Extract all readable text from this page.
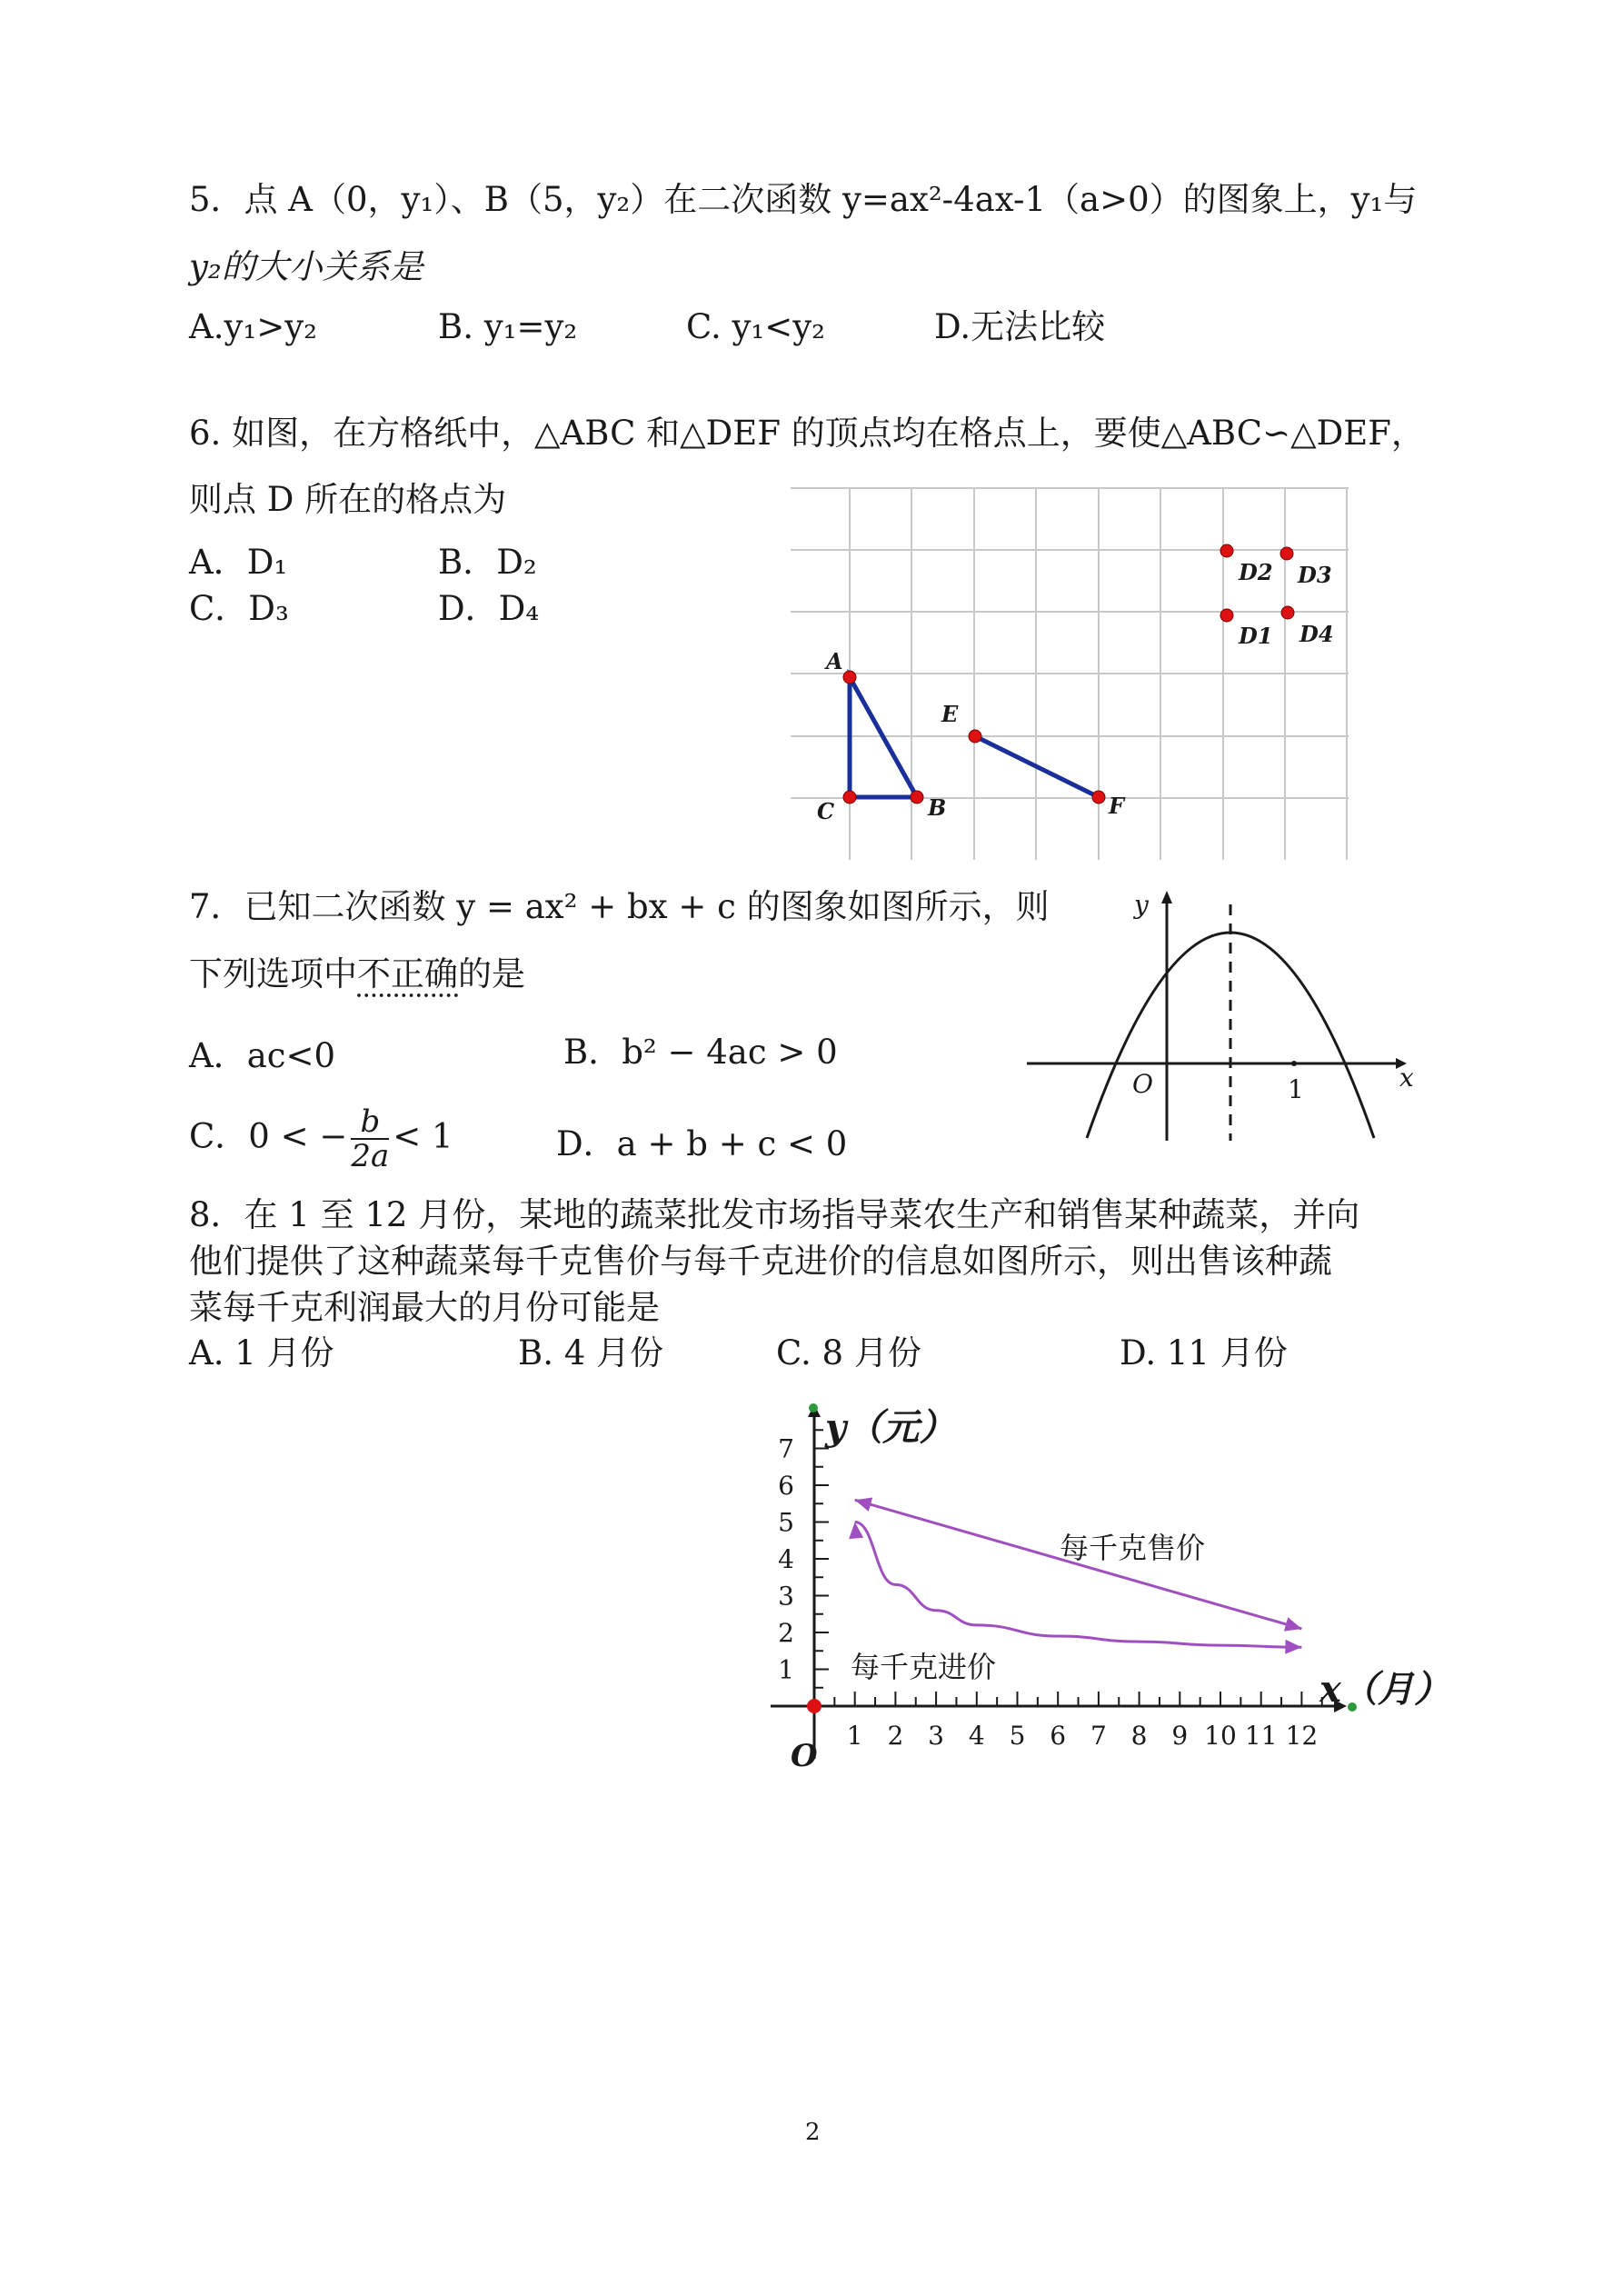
5．点 A（0，y₁）、B（5，y₂）在二次函数 y=ax²-4ax-1（a>0）的图象上，y₁与
y₂的大小关系是
A.y₁>y₂	B. y₁=y₂	C. y₁<y₂	D.无法比较
6. 如图，在方格纸中，△ABC 和△DEF 的顶点均在格点上，要使△ABC∽△DEF，
则点 D 所在的格点为
A．D₁	B．D₂
C．D₃	D．D₄
A
B
C
E
F
D2 D3
D1 D4
7．已知二次函数 y = ax² + bx + c 的图象如图所示，则
下列选项中不正确的是
A．ac<0	B．b² − 4ac > 0
C．0 < − $\frac{b}{2a} < 1$	D．a + b + c < 0
y
x
O	1
8．在 1 至 12 月份，某地的蔬菜批发市场指导菜农生产和销售某种蔬菜，并向
他们提供了这种蔬菜每千克售价与每千克进价的信息如图所示，则出售该种蔬
菜每千克利润最大的月份可能是
A. 1 月份	B. 4 月份	C. 8 月份	D. 11 月份
1 2 3 4 5 6 7 8 9 10 11 12
1
2
3
4
5
6
7 y（元）
x（月）
O
每千克售价
每千克进价
2
